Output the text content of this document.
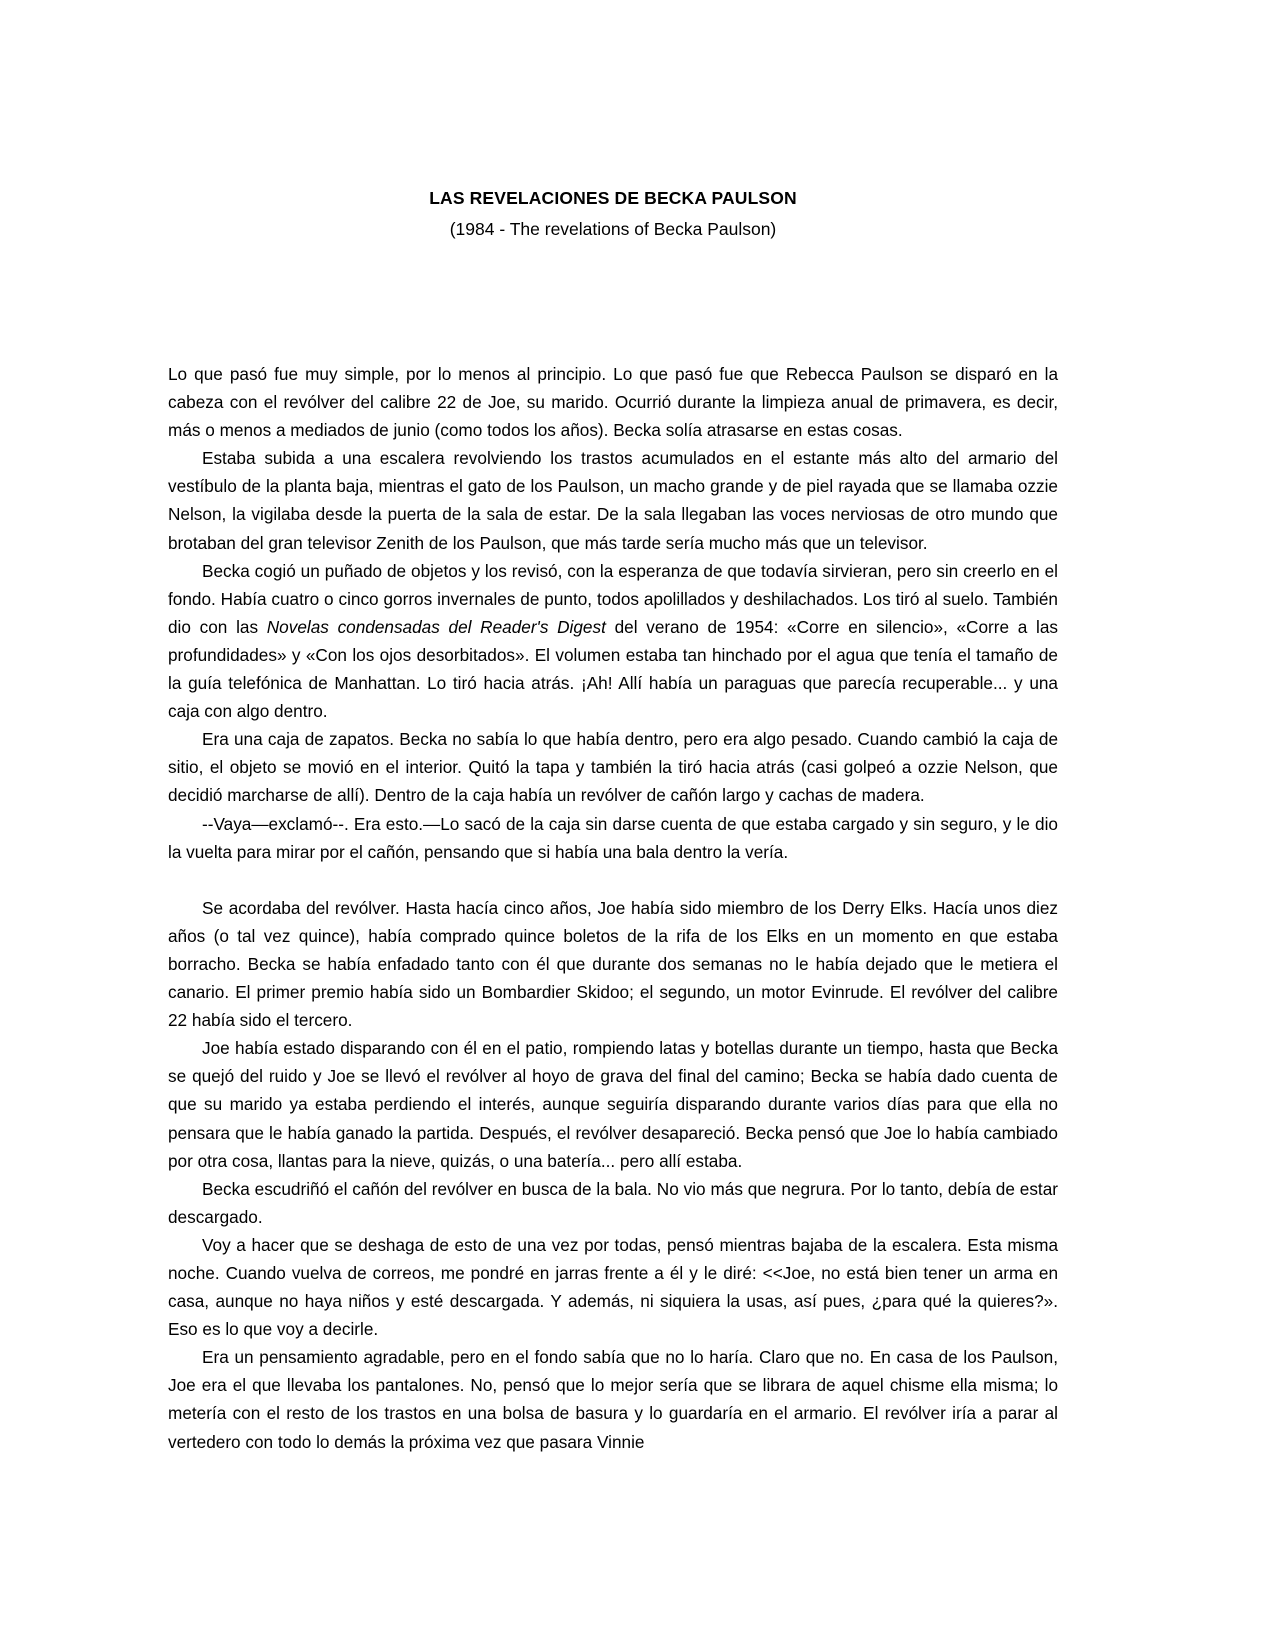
LAS REVELACIONES DE BECKA PAULSON
(1984 - The revelations of Becka Paulson)

Lo que pasó fue muy simple, por lo menos al principio. Lo que pasó fue que Rebecca Paulson se disparó en la cabeza con el revólver del calibre 22 de Joe, su marido. Ocurrió durante la limpieza anual de primavera, es decir, más o menos a mediados de junio (como todos los años). Becka solía atrasarse en estas cosas.

Estaba subida a una escalera revolviendo los trastos acumulados en el estante más alto del armario del vestíbulo de la planta baja, mientras el gato de los Paulson, un macho grande y de piel rayada que se llamaba ozzie Nelson, la vigilaba desde la puerta de la sala de estar. De la sala llegaban las voces nerviosas de otro mundo que brotaban del gran televisor Zenith de los Paulson, que más tarde sería mucho más que un televisor.

Becka cogió un puñado de objetos y los revisó, con la esperanza de que todavía sirvieran, pero sin creerlo en el fondo. Había cuatro o cinco gorros invernales de punto, todos apolillados y deshilachados. Los tiró al suelo. También dio con las Novelas condensadas del Reader's Digest del verano de 1954: «Corre en silencio», «Corre a las profundidades» y «Con los ojos desorbitados». El volumen estaba tan hinchado por el agua que tenía el tamaño de la guía telefónica de Manhattan. Lo tiró hacia atrás. ¡Ah! Allí había un paraguas que parecía recuperable... y una caja con algo dentro.

Era una caja de zapatos. Becka no sabía lo que había dentro, pero era algo pesado. Cuando cambió la caja de sitio, el objeto se movió en el interior. Quitó la tapa y también la tiró hacia atrás (casi golpeó a ozzie Nelson, que decidió marcharse de allí). Dentro de la caja había un revólver de cañón largo y cachas de madera.

--Vaya—exclamó--. Era esto.—Lo sacó de la caja sin darse cuenta de que estaba cargado y sin seguro, y le dio la vuelta para mirar por el cañón, pensando que si había una bala dentro la vería.

Se acordaba del revólver. Hasta hacía cinco años, Joe había sido miembro de los Derry Elks. Hacía unos diez años (o tal vez quince), había comprado quince boletos de la rifa de los Elks en un momento en que estaba borracho. Becka se había enfadado tanto con él que durante dos semanas no le había dejado que le metiera el canario. El primer premio había sido un Bombardier Skidoo; el segundo, un motor Evinrude. El revólver del calibre 22 había sido el tercero.

Joe había estado disparando con él en el patio, rompiendo latas y botellas durante un tiempo, hasta que Becka se quejó del ruido y Joe se llevó el revólver al hoyo de grava del final del camino; Becka se había dado cuenta de que su marido ya estaba perdiendo el interés, aunque seguiría disparando durante varios días para que ella no pensara que le había ganado la partida. Después, el revólver desapareció. Becka pensó que Joe lo había cambiado por otra cosa, llantas para la nieve, quizás, o una batería... pero allí estaba.

Becka escudriñó el cañón del revólver en busca de la bala. No vio más que negrura. Por lo tanto, debía de estar descargado.

Voy a hacer que se deshaga de esto de una vez por todas, pensó mientras bajaba de la escalera. Esta misma noche. Cuando vuelva de correos, me pondré en jarras frente a él y le diré: <<Joe, no está bien tener un arma en casa, aunque no haya niños y esté descargada. Y además, ni siquiera la usas, así pues, ¿para qué la quieres?». Eso es lo que voy a decirle.

Era un pensamiento agradable, pero en el fondo sabía que no lo haría. Claro que no. En casa de los Paulson, Joe era el que llevaba los pantalones. No, pensó que lo mejor sería que se librara de aquel chisme ella misma; lo metería con el resto de los trastos en una bolsa de basura y lo guardaría en el armario. El revólver iría a parar al vertedero con todo lo demás la próxima vez que pasara Vinnie
